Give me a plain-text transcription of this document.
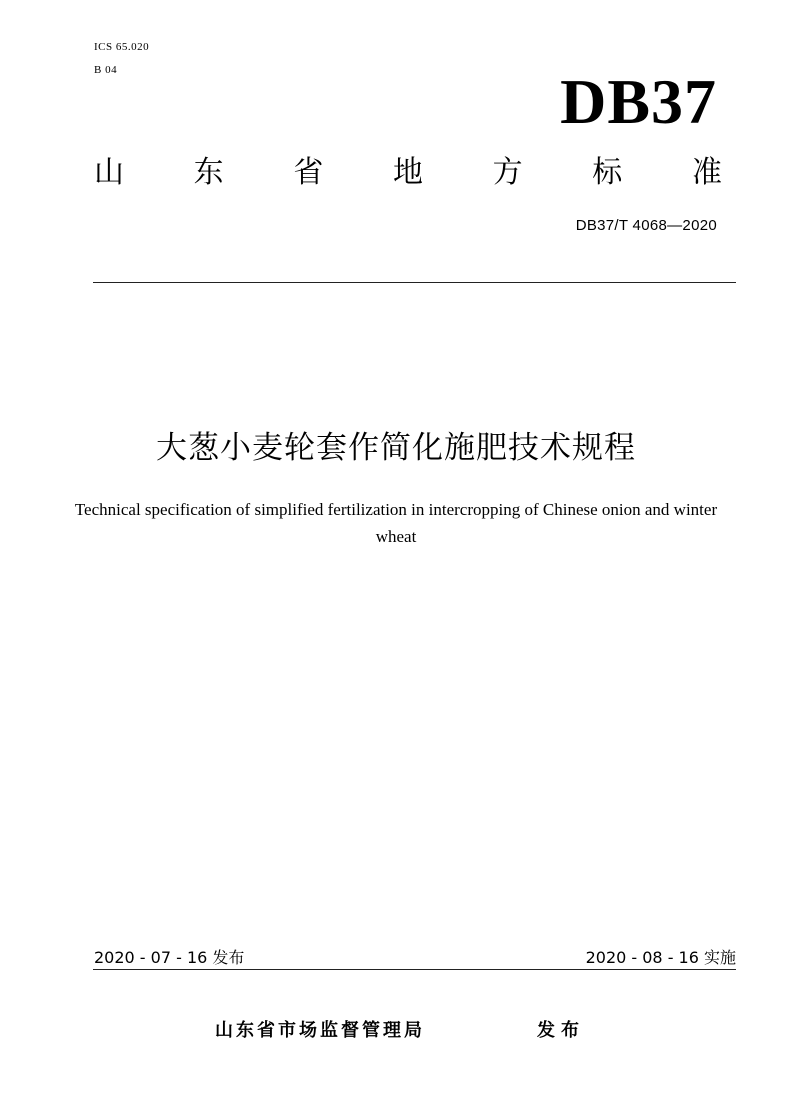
ICS 65.020
B 04	DB37
山 东 省 地 方 标 准
DB37/T 4068—2020
大葱小麦轮套作简化施肥技术规程
Technical specification of simplified fertilization in intercropping of Chinese onion and winter wheat
2020 - 07 - 16 发布	2020 - 08 - 16 实施
山东省市场监督管理局	发布
